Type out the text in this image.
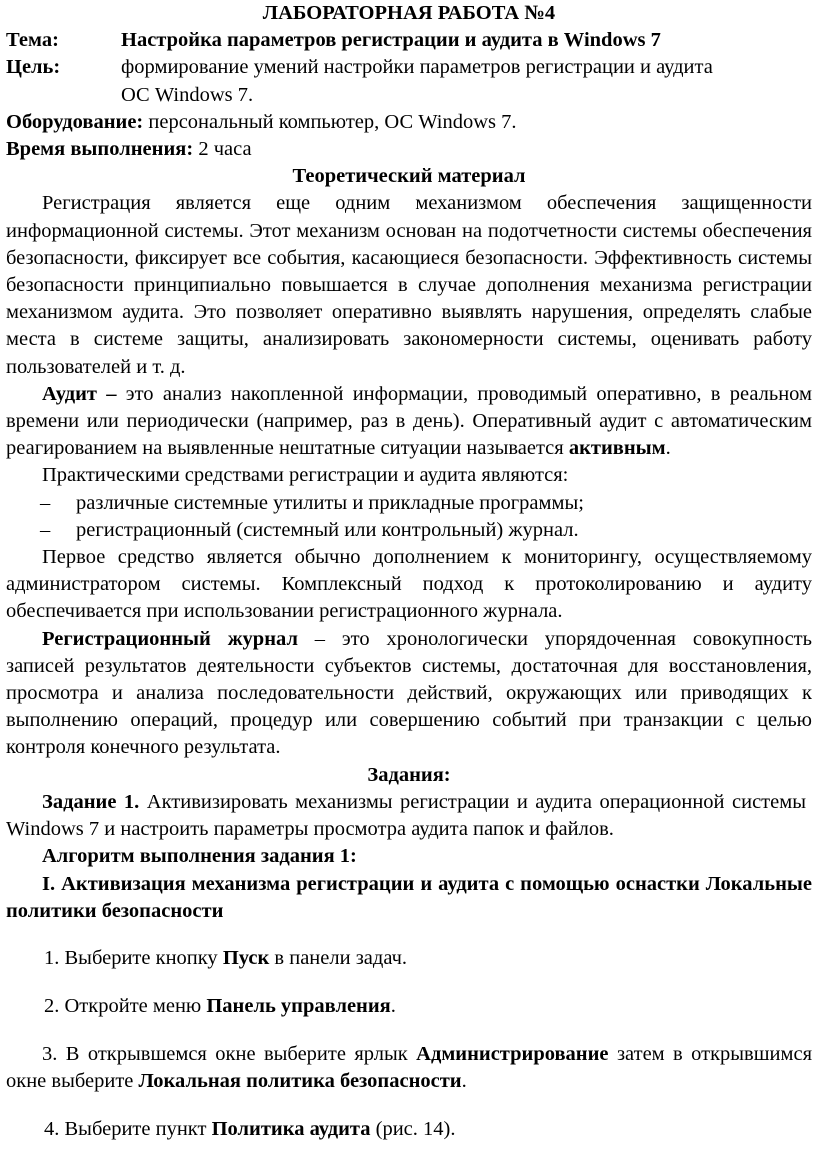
ЛАБОРАТОРНАЯ РАБОТА №4

Тема:	Настройка параметров регистрации и аудита в Windows 7
Цель:	формирование умений настройки параметров регистрации и аудита
ОС Windows 7.

Оборудование: персональный компьютер, ОС Windows 7.

Время выполнения: 2 часа

Теоретический материал

Регистрация является еще одним механизмом обеспечения защищенности информационной системы. Этот механизм основан на подотчетности системы обеспечения безопасности, фиксирует все события, касающиеся безопасности. Эффективность системы безопасности принципиально повышается в случае дополнения механизма регистрации механизмом аудита. Это позволяет оперативно выявлять нарушения, определять слабые места в системе защиты, анализировать закономерности системы, оценивать работу пользователей и т. д.

Аудит – это анализ накопленной информации, проводимый оперативно, в реальном времени или периодически (например, раз в день). Оперативный аудит с автоматическим реагированием на выявленные нештатные ситуации называется активным.

Практическими средствами регистрации и аудита являются:

–	различные системные утилиты и прикладные программы;
–	регистрационный (системный или контрольный) журнал.

Первое средство является обычно дополнением к мониторингу, осуществляемому администратором системы. Комплексный подход к протоколированию и аудиту обеспечивается при использовании регистрационного журнала.

Регистрационный журнал – это хронологически упорядоченная совокупность записей результатов деятельности субъектов системы, достаточная для восстановления, просмотра и анализа последовательности действий, окружающих или приводящих к выполнению операций, процедур или совершению событий при транзакции с целью контроля конечного результата.

Задания:

Задание 1. Активизировать механизмы регистрации и аудита операционной системы Windows 7 и настроить параметры просмотра аудита папок и файлов.

Алгоритм выполнения задания 1:

I. Активизация механизма регистрации и аудита с помощью оснастки Локальные политики безопасности

1. Выберите кнопку Пуск в панели задач.

2. Откройте меню Панель управления.

3. В открывшемся окне выберите ярлык Администрирование затем в открывшимся окне выберите Локальная политика безопасности.

4. Выберите пункт Политика аудита (рис. 14).
